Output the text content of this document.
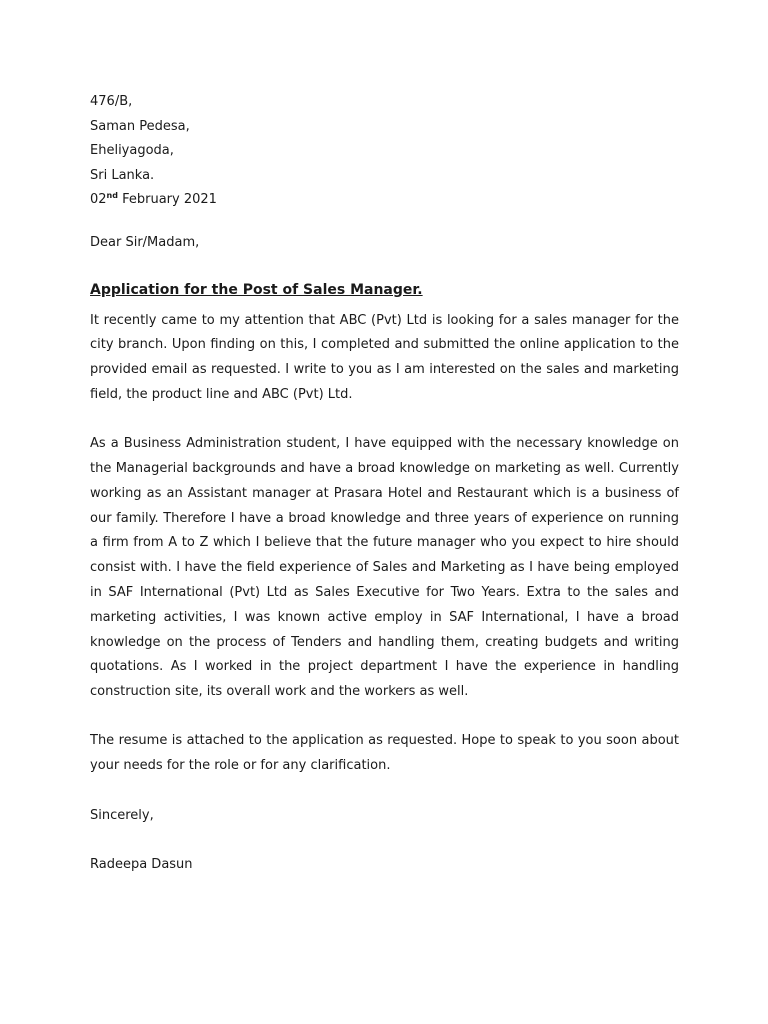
476/B,
Saman Pedesa,
Eheliyagoda,
Sri Lanka.
02nd February 2021
Dear Sir/Madam,
Application for the Post of Sales Manager.
It recently came to my attention that ABC (Pvt) Ltd is looking for a sales manager for the city branch. Upon finding on this, I completed and submitted the online application to the provided email as requested. I write to you as I am interested on the sales and marketing field, the product line and ABC (Pvt) Ltd.
As a Business Administration student, I have equipped with the necessary knowledge on the Managerial backgrounds and have a broad knowledge on marketing as well. Currently working as an Assistant manager at Prasara Hotel and Restaurant which is a business of our family. Therefore I have a broad knowledge and three years of experience on running a firm from A to Z which I believe that the future manager who you expect to hire should consist with. I have the field experience of Sales and Marketing as I have being employed in SAF International (Pvt) Ltd as Sales Executive for Two Years. Extra to the sales and marketing activities, I was known active employ in SAF International, I have a broad knowledge on the process of Tenders and handling them, creating budgets and writing quotations. As I worked in the project department I have the experience in handling construction site, its overall work and the workers as well.
The resume is attached to the application as requested. Hope to speak to you soon about your needs for the role or for any clarification.
Sincerely,
Radeepa Dasun
